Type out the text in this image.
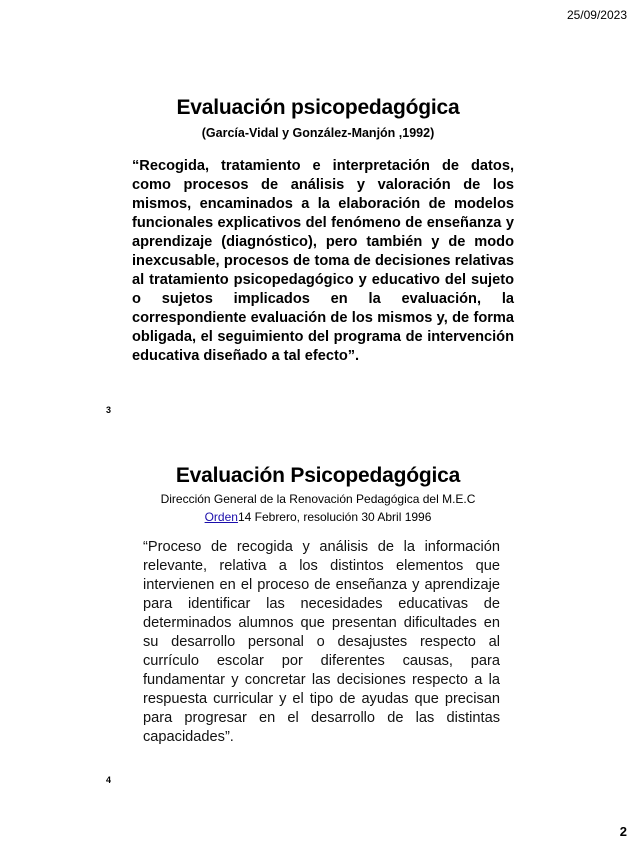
25/09/2023
Evaluación psicopedagógica
(García-Vidal y González-Manjón ,1992)
“Recogida, tratamiento e interpretación de datos, como procesos de análisis y valoración de los mismos, encaminados a la elaboración de modelos funcionales explicativos del fenómeno de enseñanza y aprendizaje (diagnóstico), pero también y de modo inexcusable, procesos de toma de decisiones relativas al tratamiento psicopedagógico y educativo del sujeto o sujetos implicados en la evaluación, la correspondiente evaluación de los mismos y, de forma obligada, el seguimiento del programa de intervención educativa diseñado a tal efecto”.
3
Evaluación Psicopedagógica
Dirección General de la Renovación Pedagógica del M.E.C
Orden14 Febrero, resolución 30 Abril 1996
“Proceso de recogida y análisis de la información relevante, relativa a los distintos elementos que intervienen en el proceso de enseñanza y aprendizaje para identificar las necesidades educativas de determinados alumnos que presentan dificultades en su desarrollo personal o desajustes respecto al currículo escolar por diferentes causas, para fundamentar y concretar las decisiones respecto a la respuesta curricular y el tipo de ayudas que precisan para progresar en el desarrollo de las distintas capacidades”.
4
2
